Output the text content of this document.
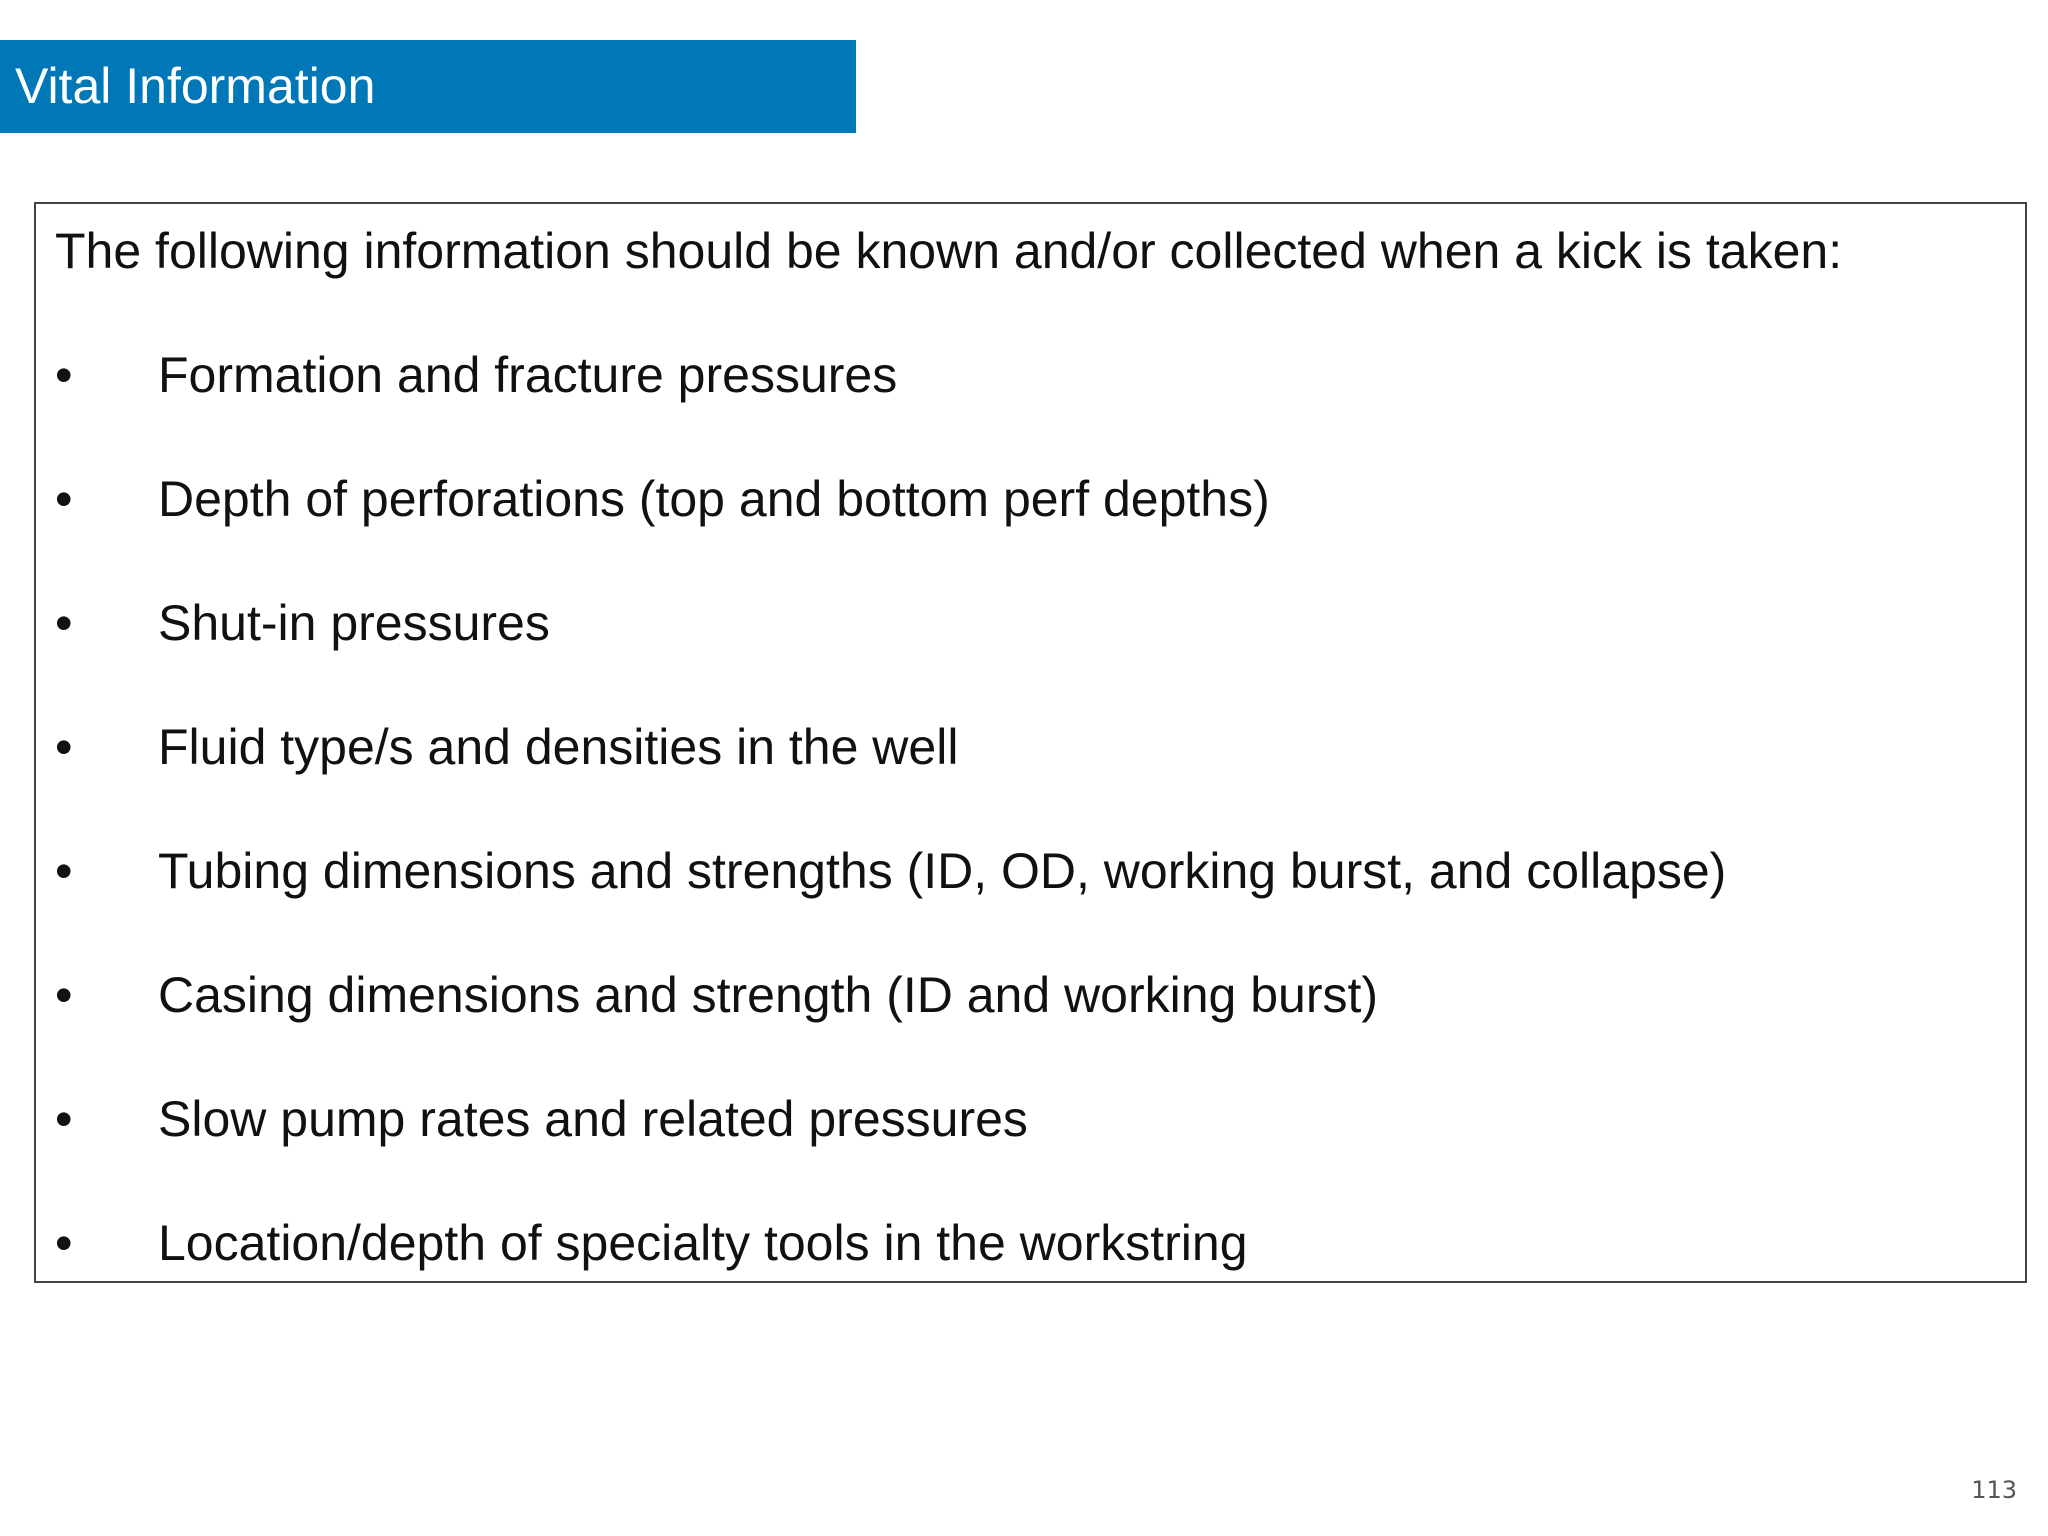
Vital Information
The following information should be known and/or collected when a kick is taken:
•	Formation and fracture pressures
•	Depth of perforations (top and bottom perf depths)
•	Shut-in pressures
•	Fluid type/s and densities in the well
•	Tubing dimensions and strengths (ID, OD, working burst, and collapse)
•	Casing dimensions and strength (ID and working burst)
•	Slow pump rates and related pressures
•	Location/depth of specialty tools in the workstring
113
